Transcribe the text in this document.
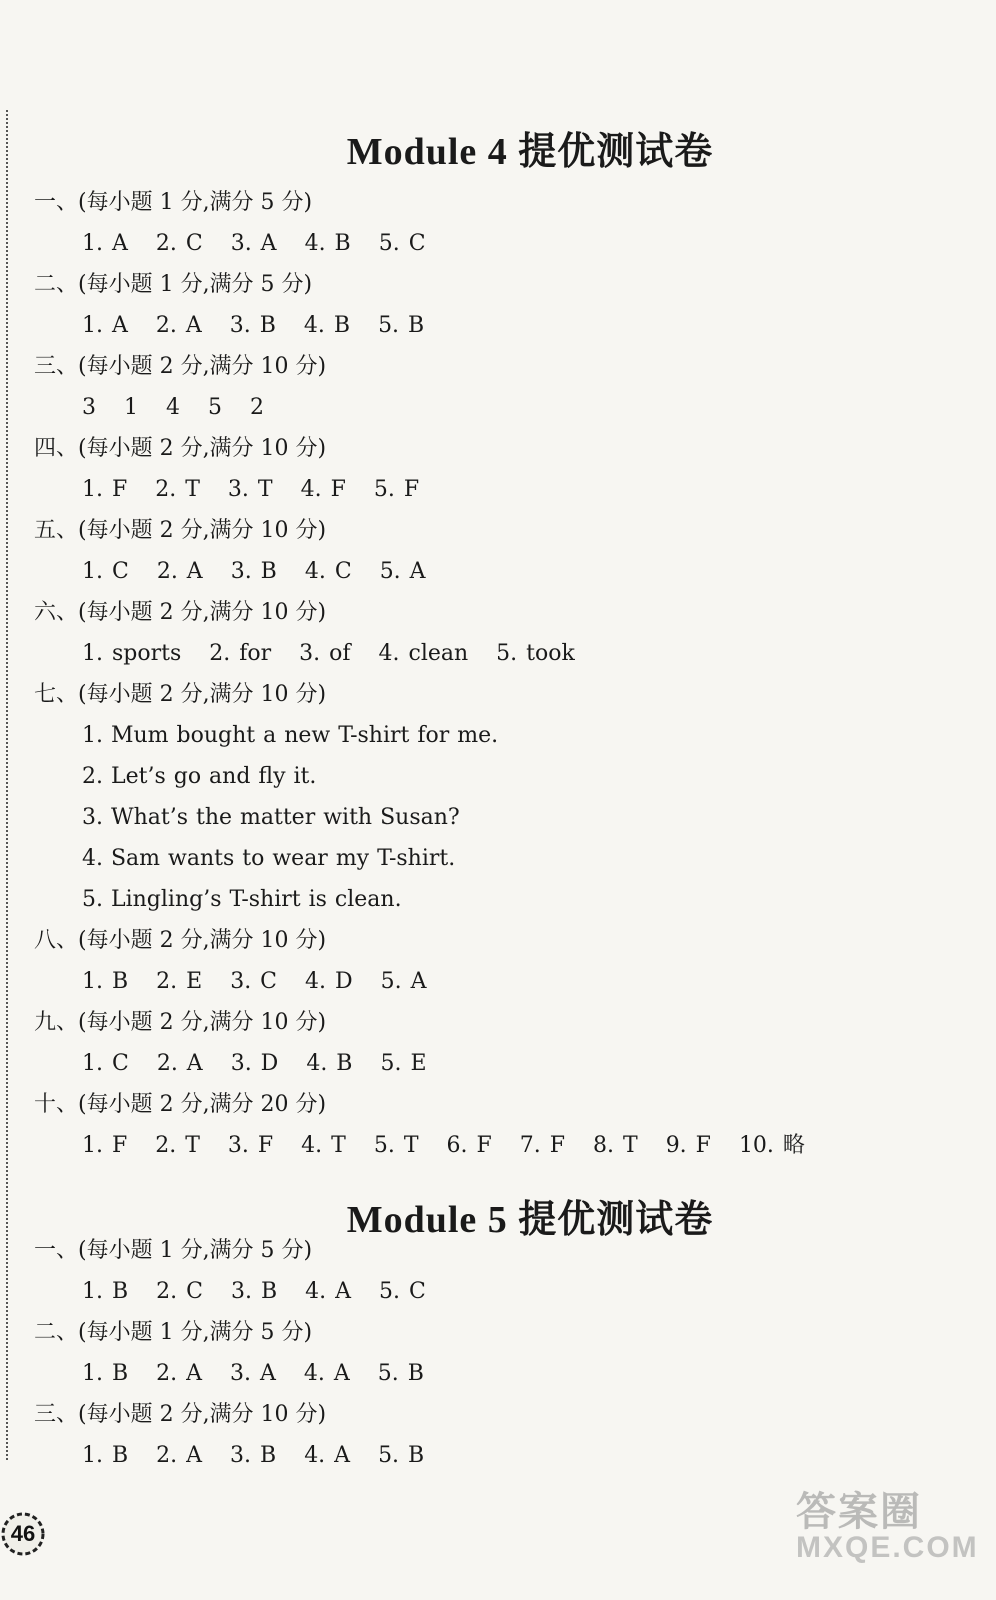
Module 4 提优测试卷
一、(每小题 1 分,满分 5 分)
1. A 2. C 3. A 4. B 5. C
二、(每小题 1 分,满分 5 分)
1. A 2. A 3. B 4. B 5. B
三、(每小题 2 分,满分 10 分)
3 1 4 5 2
四、(每小题 2 分,满分 10 分)
1. F 2. T 3. T 4. F 5. F
五、(每小题 2 分,满分 10 分)
1. C 2. A 3. B 4. C 5. A
六、(每小题 2 分,满分 10 分)
1. sports 2. for 3. of 4. clean 5. took
七、(每小题 2 分,满分 10 分)
1. Mum bought a new T-shirt for me.
2. Let’s go and fly it.
3. What’s the matter with Susan?
4. Sam wants to wear my T-shirt.
5. Lingling’s T-shirt is clean.
八、(每小题 2 分,满分 10 分)
1. B 2. E 3. C 4. D 5. A
九、(每小题 2 分,满分 10 分)
1. C 2. A 3. D 4. B 5. E
十、(每小题 2 分,满分 20 分)
1. F 2. T 3. F 4. T 5. T 6. F 7. F 8. T 9. F 10. 略
Module 5 提优测试卷
一、(每小题 1 分,满分 5 分)
1. B 2. C 3. B 4. A 5. C
二、(每小题 1 分,满分 5 分)
1. B 2. A 3. A 4. A 5. B
三、(每小题 2 分,满分 10 分)
1. B 2. A 3. B 4. A 5. B
46	答案圈
MXQE.COM
